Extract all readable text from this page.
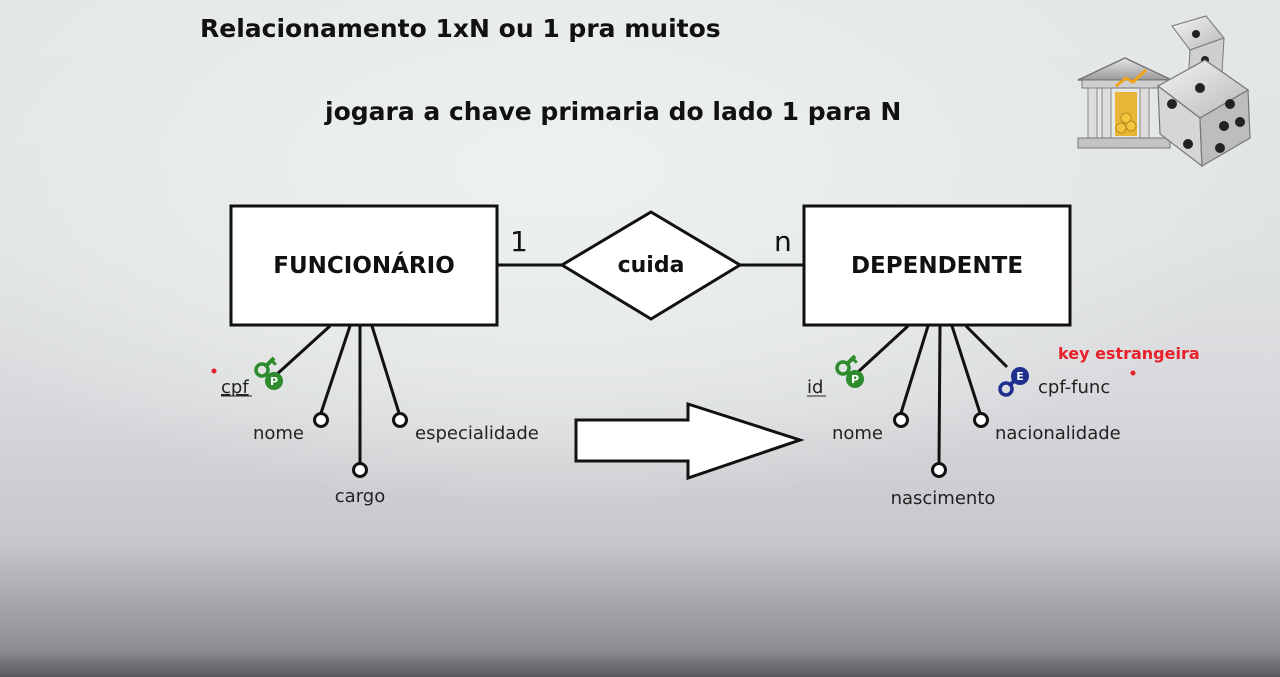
Relacionamento 1xN ou 1 pra muitos
jogara a chave primaria do lado 1 para N
FUNCIONÁRIO	DEPENDENTE
cuida
1	n
P
cpf
nome
cargo
especialidade
P	E
id
nome
nascimento
nacionalidade
cpf-func
key estrangeira
